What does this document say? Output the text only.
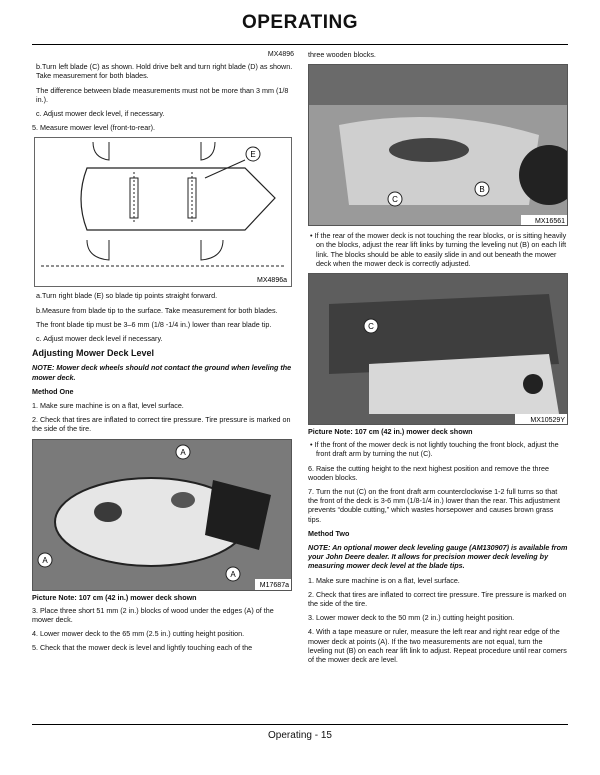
OPERATING
MX4896

b.Turn left blade (C) as shown. Hold drive belt and turn right blade (D) as shown. Take measurement for both blades.

The difference between blade measurements must not be more than 3 mm (1/8 in.).

c. Adjust mower deck level, if necessary.

5. Measure mower level (front-to-rear).

E
MX4896a

a.Turn right blade (E) so blade tip points straight forward.

b.Measure from blade tip to the surface. Take measurement for both blades.

The front blade tip must be 3–6 mm (1/8 -1/4 in.) lower than rear blade tip.

c. Adjust mower deck level if necessary.

Adjusting Mower Deck Level

NOTE: Mower deck wheels should not contact the ground when leveling the mower deck.

Method One

1. Make sure machine is on a flat, level surface.

2. Check that tires are inflated to correct tire pressure. Tire pressure is marked on the side of the tire.

A
A
A
M17687a

Picture Note: 107 cm (42 in.) mower deck shown

3. Place three short 51 mm (2 in.) blocks of wood under the edges (A) of the mower deck.

4. Lower mower deck to the 65 mm (2.5 in.) cutting height position.

5. Check that the mower deck is level and lightly touching each of the

three wooden blocks.

B
C
MX16561

• If the rear of the mower deck is not touching the rear blocks, or is sitting heavily on the blocks, adjust the rear lift links by turning the leveling nut (B) on each lift link. The blocks should be able to easily slide in and out beneath the mower deck when the mower deck is correctly adjusted.

C
MX10529Y

Picture Note: 107 cm (42 in.) mower deck shown

• If the front of the mower deck is not lightly touching the front block, adjust the front draft arm by turning the nut (C).

6. Raise the cutting height to the next highest position and remove the three wooden blocks.

7. Turn the nut (C) on the front draft arm counterclockwise 1-2 full turns so that the front of the deck is 3-6 mm (1/8-1/4 in.) lower than the rear. This adjustment prevents “double cutting,” which wastes horsepower and causes brown grass tips.

Method Two

NOTE: An optional mower deck leveling gauge (AM130907) is available from your John Deere dealer. It allows for precision mower deck leveling by measuring mower deck level at the blade tips.

1. Make sure machine is on a flat, level surface.

2. Check that tires are inflated to correct tire pressure. Tire pressure is marked on the side of the tire.

3. Lower mower deck to the 50 mm (2 in.) cutting height position.

4. With a tape measure or ruler, measure the left rear and right rear edge of the mower deck at points (A). If the two measurements are not equal, turn the leveling nut (B) on each rear lift link to adjust. Repeat procedure until rear corners of the mower deck are level.

Operating - 15
